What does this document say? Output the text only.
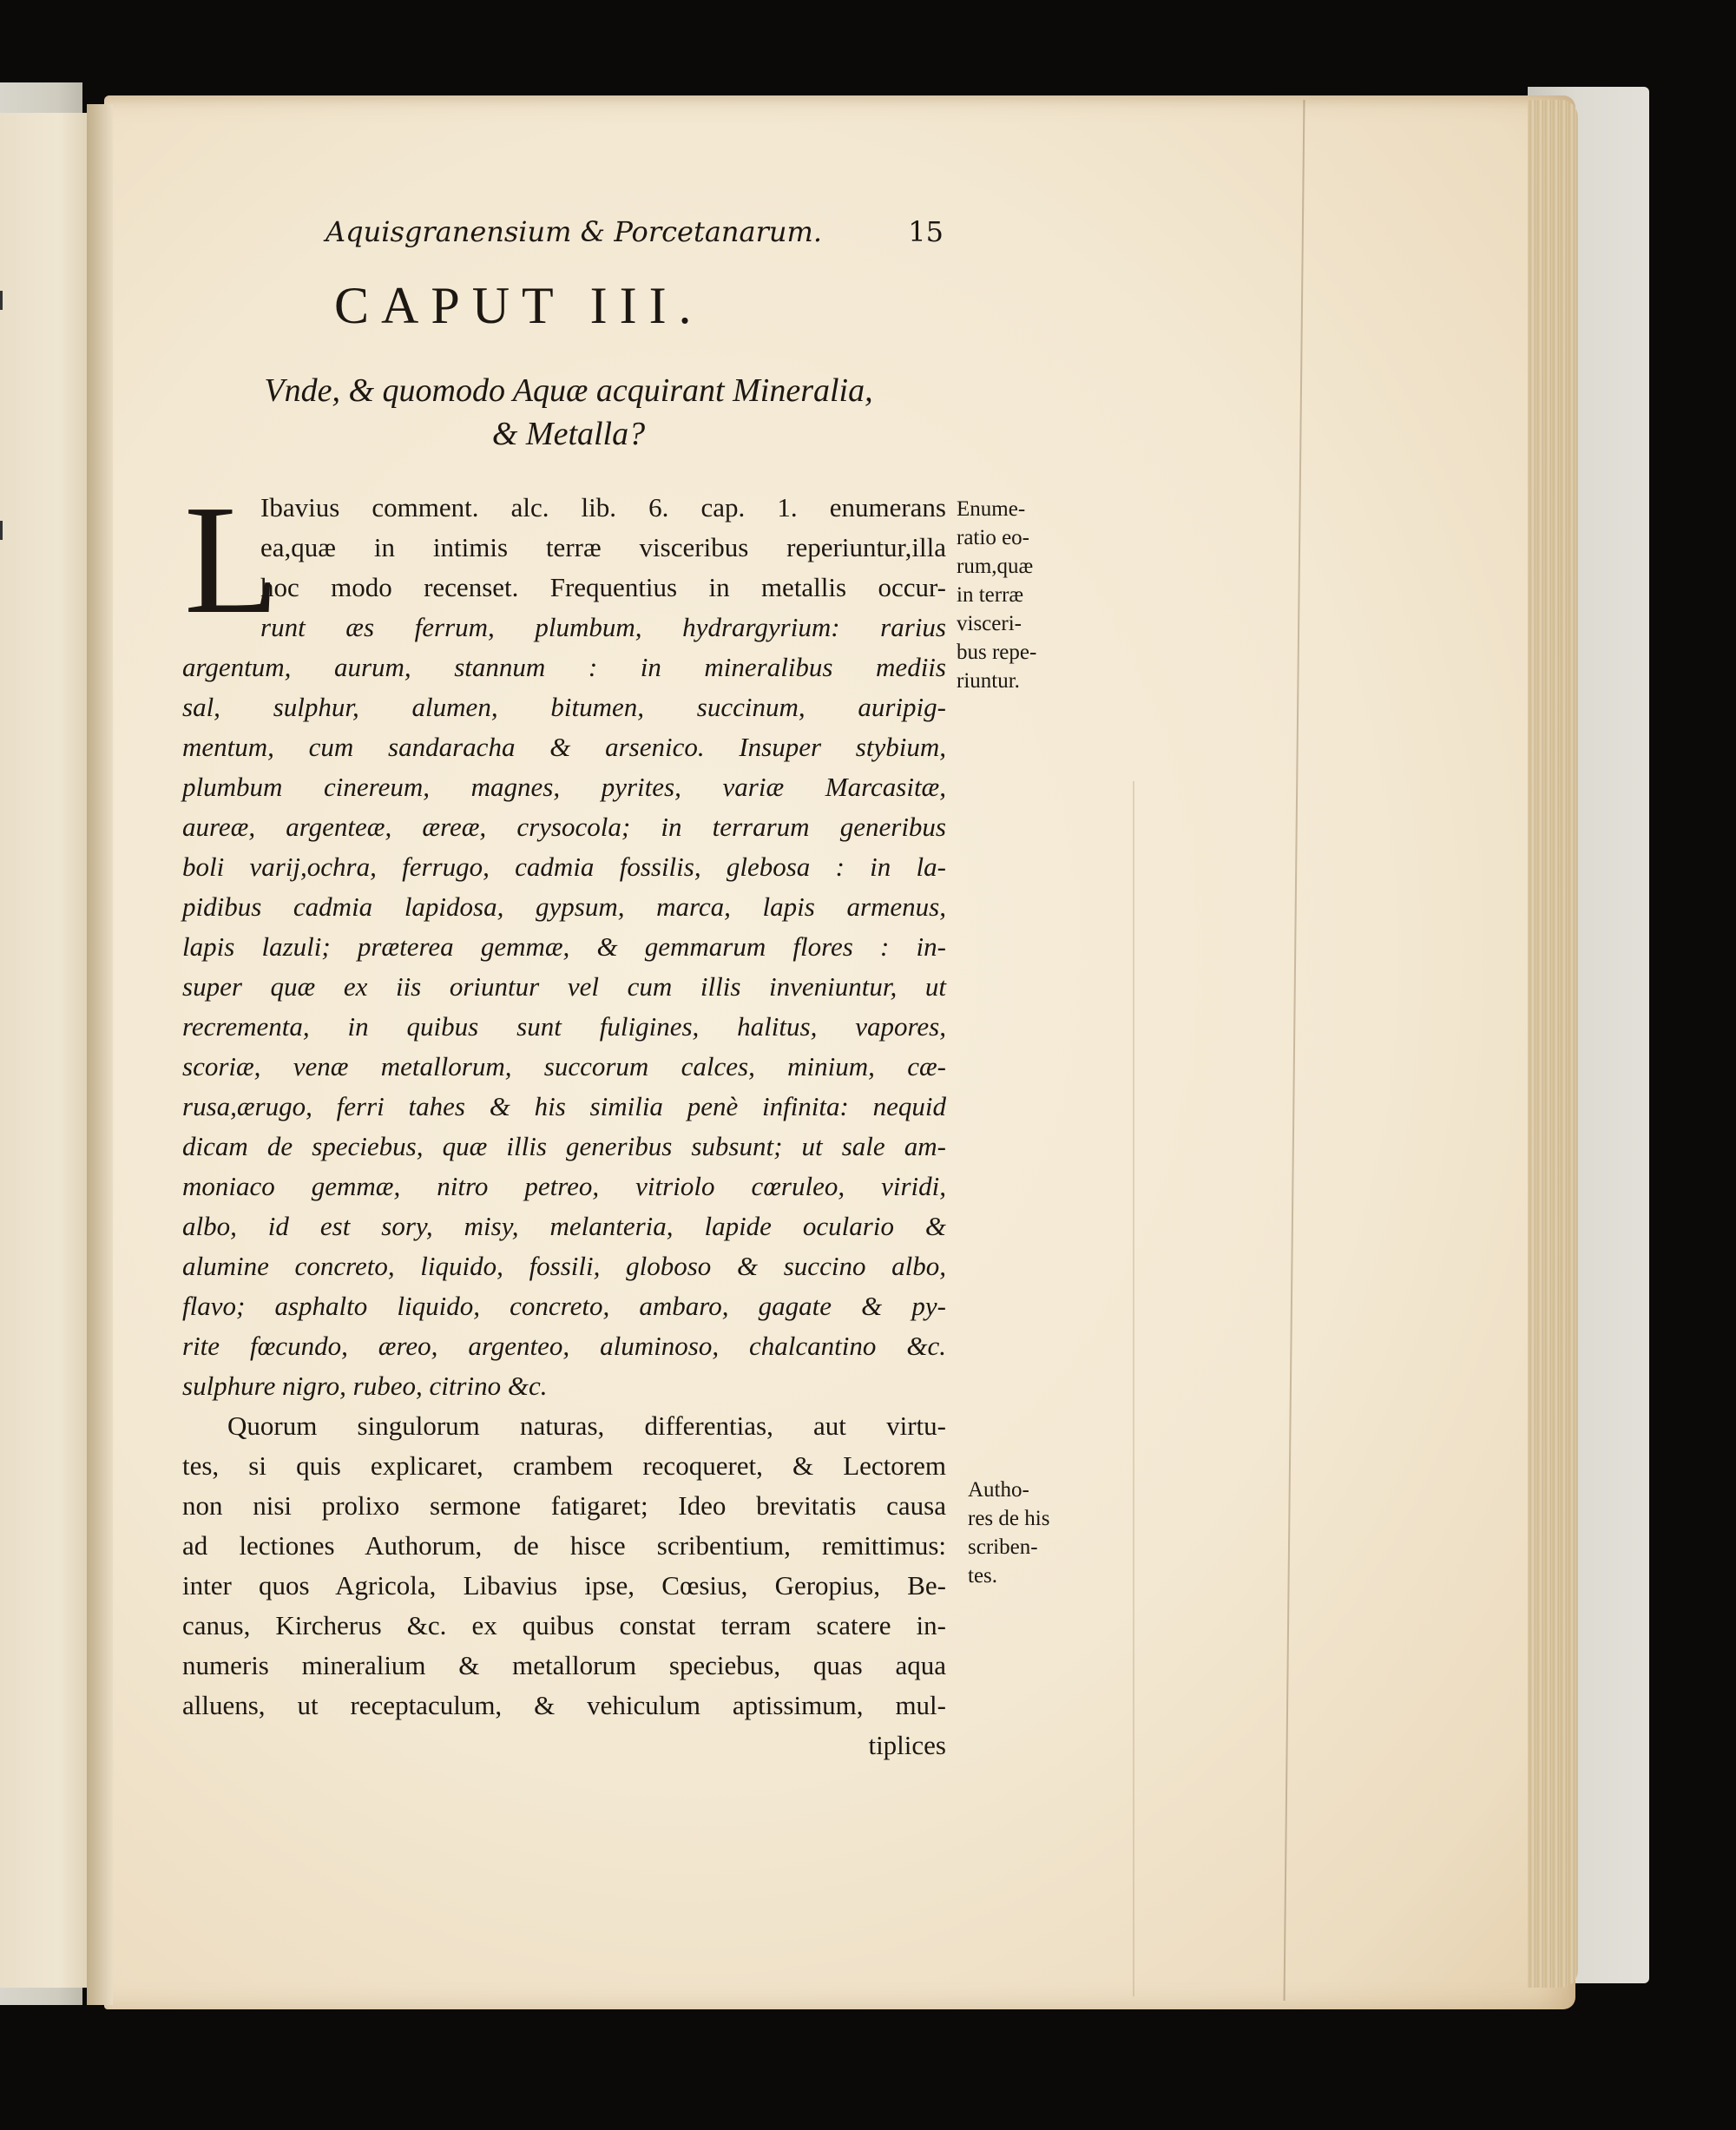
Aquisgranensium & Porcetanarum.	15
CAPUT III.
Vnde, & quomodo Aquæ acquirant Mineralia,
& Metalla?
L
Ibavius comment. alc. lib. 6. cap. 1. enumerans
ea,quæ in intimis terræ visceribus reperiuntur,illa
hoc modo recenset. Frequentius in metallis occur-
runt æs ferrum, plumbum, hydrargyrium: rarius
argentum, aurum, stannum : in mineralibus mediis
sal, sulphur, alumen, bitumen, succinum, auripig-
mentum, cum sandaracha & arsenico. Insuper stybium,
plumbum cinereum, magnes, pyrites, variæ Marcasitæ,
aureæ, argenteæ, æreæ, crysocola; in terrarum generibus
boli varij,ochra, ferrugo, cadmia fossilis, glebosa : in la-
pidibus cadmia lapidosa, gypsum, marca, lapis armenus,
lapis lazuli; præterea gemmæ, & gemmarum flores : in-
super quæ ex iis oriuntur vel cum illis inveniuntur, ut
recrementa, in quibus sunt fuligines, halitus, vapores,
scoriæ, venæ metallorum, succorum calces, minium, cæ-
rusa,ærugo, ferri tahes & his similia penè infinita: nequid
dicam de speciebus, quæ illis generibus subsunt; ut sale am-
moniaco gemmæ, nitro petreo, vitriolo cœruleo, viridi,
albo, id est sory, misy, melanteria, lapide oculario &
alumine concreto, liquido, fossili, globoso & succino albo,
flavo; asphalto liquido, concreto, ambaro, gagate & py-
rite fœcundo, æreo, argenteo, aluminoso, chalcantino &c.
sulphure nigro, rubeo, citrino &c.
Quorum singulorum naturas, differentias, aut virtu-
tes, si quis explicaret, crambem recoqueret, & Lectorem
non nisi prolixo sermone fatigaret; Ideo brevitatis causa
ad lectiones Authorum, de hisce scribentium, remittimus:
inter quos Agricola, Libavius ipse, Cœsius, Geropius, Be-
canus, Kircherus &c. ex quibus constat terram scatere in-
numeris mineralium & metallorum speciebus, quas aqua
alluens, ut receptaculum, & vehiculum aptissimum, mul-
tiplices
Enume-
ratio eo-
rum,quæ
in terræ
visceri-
bus repe-
riuntur.
Autho-
res de his
scriben-
tes.
